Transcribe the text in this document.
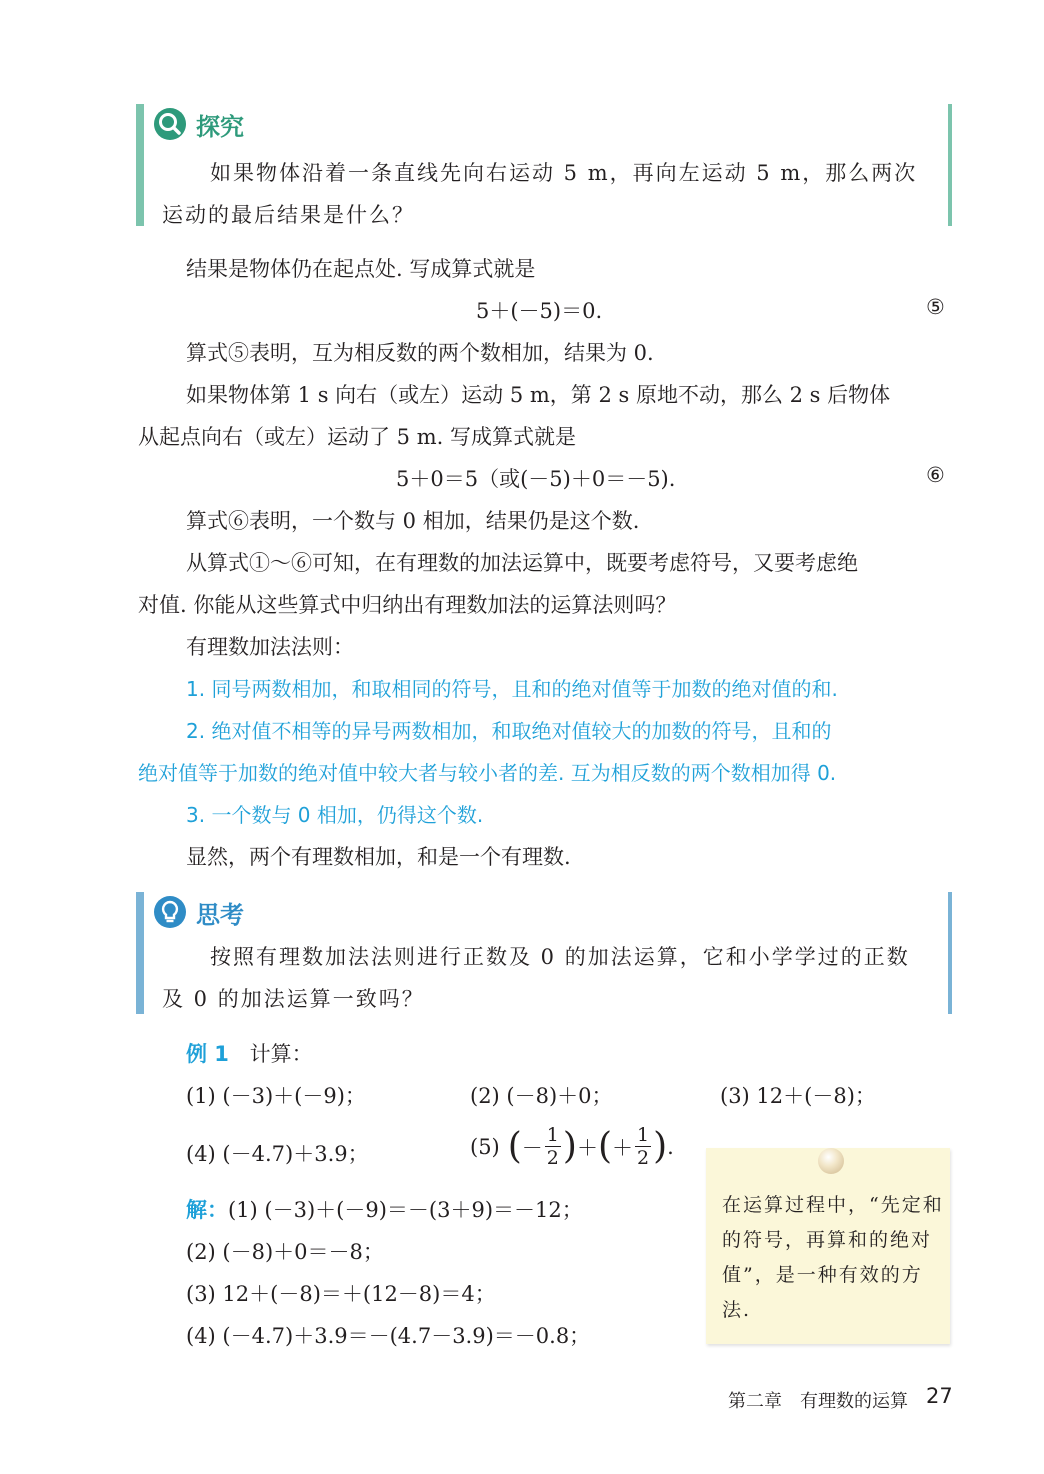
探究
如果物体沿着一条直线先向右运动 5 m，再向左运动 5 m，那么两次
运动的最后结果是什么？
结果是物体仍在起点处. 写成算式就是
5＋(－5)＝0.	⑤
算式⑤表明，互为相反数的两个数相加，结果为 0.
如果物体第 1 s 向右（或左）运动 5 m，第 2 s 原地不动，那么 2 s 后物体
从起点向右（或左）运动了 5 m. 写成算式就是
5＋0＝5（或(－5)＋0＝－5).	⑥
算式⑥表明，一个数与 0 相加，结果仍是这个数.
从算式①～⑥可知，在有理数的加法运算中，既要考虑符号，又要考虑绝
对值. 你能从这些算式中归纳出有理数加法的运算法则吗？
有理数加法法则：
1. 同号两数相加，和取相同的符号，且和的绝对值等于加数的绝对值的和.
2. 绝对值不相等的异号两数相加，和取绝对值较大的加数的符号，且和的
绝对值等于加数的绝对值中较大者与较小者的差. 互为相反数的两个数相加得 0.
3. 一个数与 0 相加，仍得这个数.
显然，两个有理数相加，和是一个有理数.
思考
按照有理数加法法则进行正数及 0 的加法运算，它和小学学过的正数
及 0 的加法运算一致吗？
例 1 计算：
(1) (－3)＋(－9)；	(2) (－8)＋0；	(3) 12＋(－8)；
(4) (－4.7)＋3.9；	(5) ( － $\frac{1}{2}$ ) ＋ ( ＋ $\frac{1}{2}$ ) .
解：(1) (－3)＋(－9)＝－(3＋9)＝－12；
(2) (－8)＋0＝－8；
(3) 12＋(－8)＝＋(12－8)＝4；
(4) (－4.7)＋3.9＝－(4.7－3.9)＝－0.8；
在运算过程中，“先定和的符号，再算和的绝对值”，是一种有效的方法.
第二章　有理数的运算 27
